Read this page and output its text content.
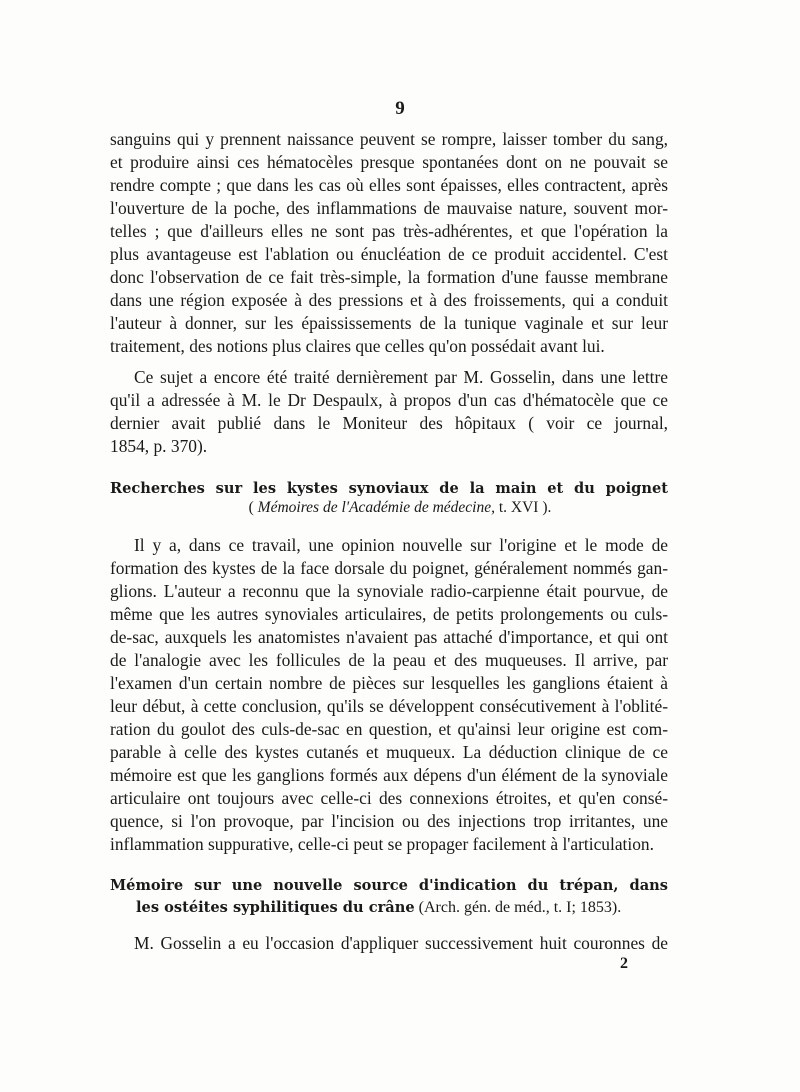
9
sanguins qui y prennent naissance peuvent se rompre, laisser tomber du sang,
et produire ainsi ces hématocèles presque spontanées dont on ne pouvait se
rendre compte ; que dans les cas où elles sont épaisses, elles contractent, après
l'ouverture de la poche, des inflammations de mauvaise nature, souvent mor-
telles ; que d'ailleurs elles ne sont pas très-adhérentes, et que l'opération la
plus avantageuse est l'ablation ou énucléation de ce produit accidentel. C'est
donc l'observation de ce fait très-simple, la formation d'une fausse membrane
dans une région exposée à des pressions et à des froissements, qui a conduit
l'auteur à donner, sur les épaississements de la tunique vaginale et sur leur
traitement, des notions plus claires que celles qu'on possédait avant lui.
Ce sujet a encore été traité dernièrement par M. Gosselin, dans une lettre
qu'il a adressée à M. le Dr Despaulx, à propos d'un cas d'hématocèle que ce
dernier avait publié dans le Moniteur des hôpitaux ( voir ce journal,
1854, p. 370).
Recherches sur les kystes synoviaux de la main et du poignet
( Mémoires de l'Académie de médecine, t. XVI ).
Il y a, dans ce travail, une opinion nouvelle sur l'origine et le mode de
formation des kystes de la face dorsale du poignet, généralement nommés gan-
glions. L'auteur a reconnu que la synoviale radio-carpienne était pourvue, de
même que les autres synoviales articulaires, de petits prolongements ou culs-
de-sac, auxquels les anatomistes n'avaient pas attaché d'importance, et qui ont
de l'analogie avec les follicules de la peau et des muqueuses. Il arrive, par
l'examen d'un certain nombre de pièces sur lesquelles les ganglions étaient à
leur début, à cette conclusion, qu'ils se développent consécutivement à l'oblité-
ration du goulot des culs-de-sac en question, et qu'ainsi leur origine est com-
parable à celle des kystes cutanés et muqueux. La déduction clinique de ce
mémoire est que les ganglions formés aux dépens d'un élément de la synoviale
articulaire ont toujours avec celle-ci des connexions étroites, et qu'en consé-
quence, si l'on provoque, par l'incision ou des injections trop irritantes, une
inflammation suppurative, celle-ci peut se propager facilement à l'articulation.
Mémoire sur une nouvelle source d'indication du trépan, dans
les ostéites syphilitiques du crâne (Arch. gén. de méd., t. I; 1853).
M. Gosselin a eu l'occasion d'appliquer successivement huit couronnes de
2
